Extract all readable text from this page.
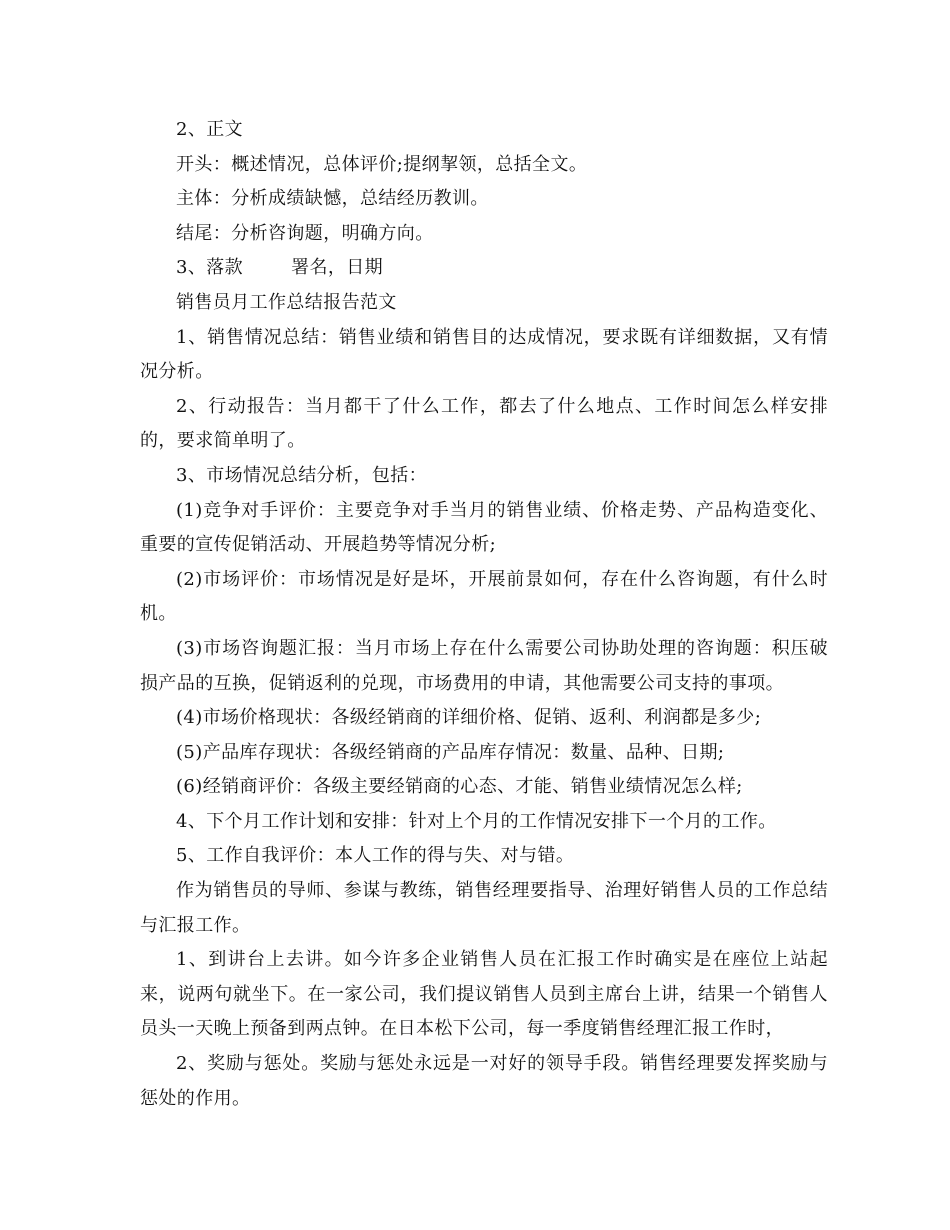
2、正文

开头：概述情况，总体评价;提纲挈领，总括全文。

主体：分析成绩缺憾，总结经历教训。

结尾：分析咨询题，明确方向。

3、落款	署名，日期

销售员月工作总结报告范文

1、销售情况总结：销售业绩和销售目的达成情况，要求既有详细数据，又有情况分析。

2、行动报告：当月都干了什么工作，都去了什么地点、工作时间怎么样安排的，要求简单明了。

3、市场情况总结分析，包括：

(1)竞争对手评价：主要竞争对手当月的销售业绩、价格走势、产品构造变化、重要的宣传促销活动、开展趋势等情况分析;

(2)市场评价：市场情况是好是坏，开展前景如何，存在什么咨询题，有什么时机。

(3)市场咨询题汇报：当月市场上存在什么需要公司协助处理的咨询题：积压破损产品的互换，促销返利的兑现，市场费用的申请，其他需要公司支持的事项。

(4)市场价格现状：各级经销商的详细价格、促销、返利、利润都是多少;

(5)产品库存现状：各级经销商的产品库存情况：数量、品种、日期;

(6)经销商评价：各级主要经销商的心态、才能、销售业绩情况怎么样;

4、下个月工作计划和安排：针对上个月的工作情况安排下一个月的工作。

5、工作自我评价：本人工作的得与失、对与错。

作为销售员的导师、参谋与教练，销售经理要指导、治理好销售人员的工作总结与汇报工作。

1、到讲台上去讲。如今许多企业销售人员在汇报工作时确实是在座位上站起来，说两句就坐下。在一家公司，我们提议销售人员到主席台上讲，结果一个销售人员头一天晚上预备到两点钟。在日本松下公司，每一季度销售经理汇报工作时，

2、奖励与惩处。奖励与惩处永远是一对好的领导手段。销售经理要发挥奖励与惩处的作用。
